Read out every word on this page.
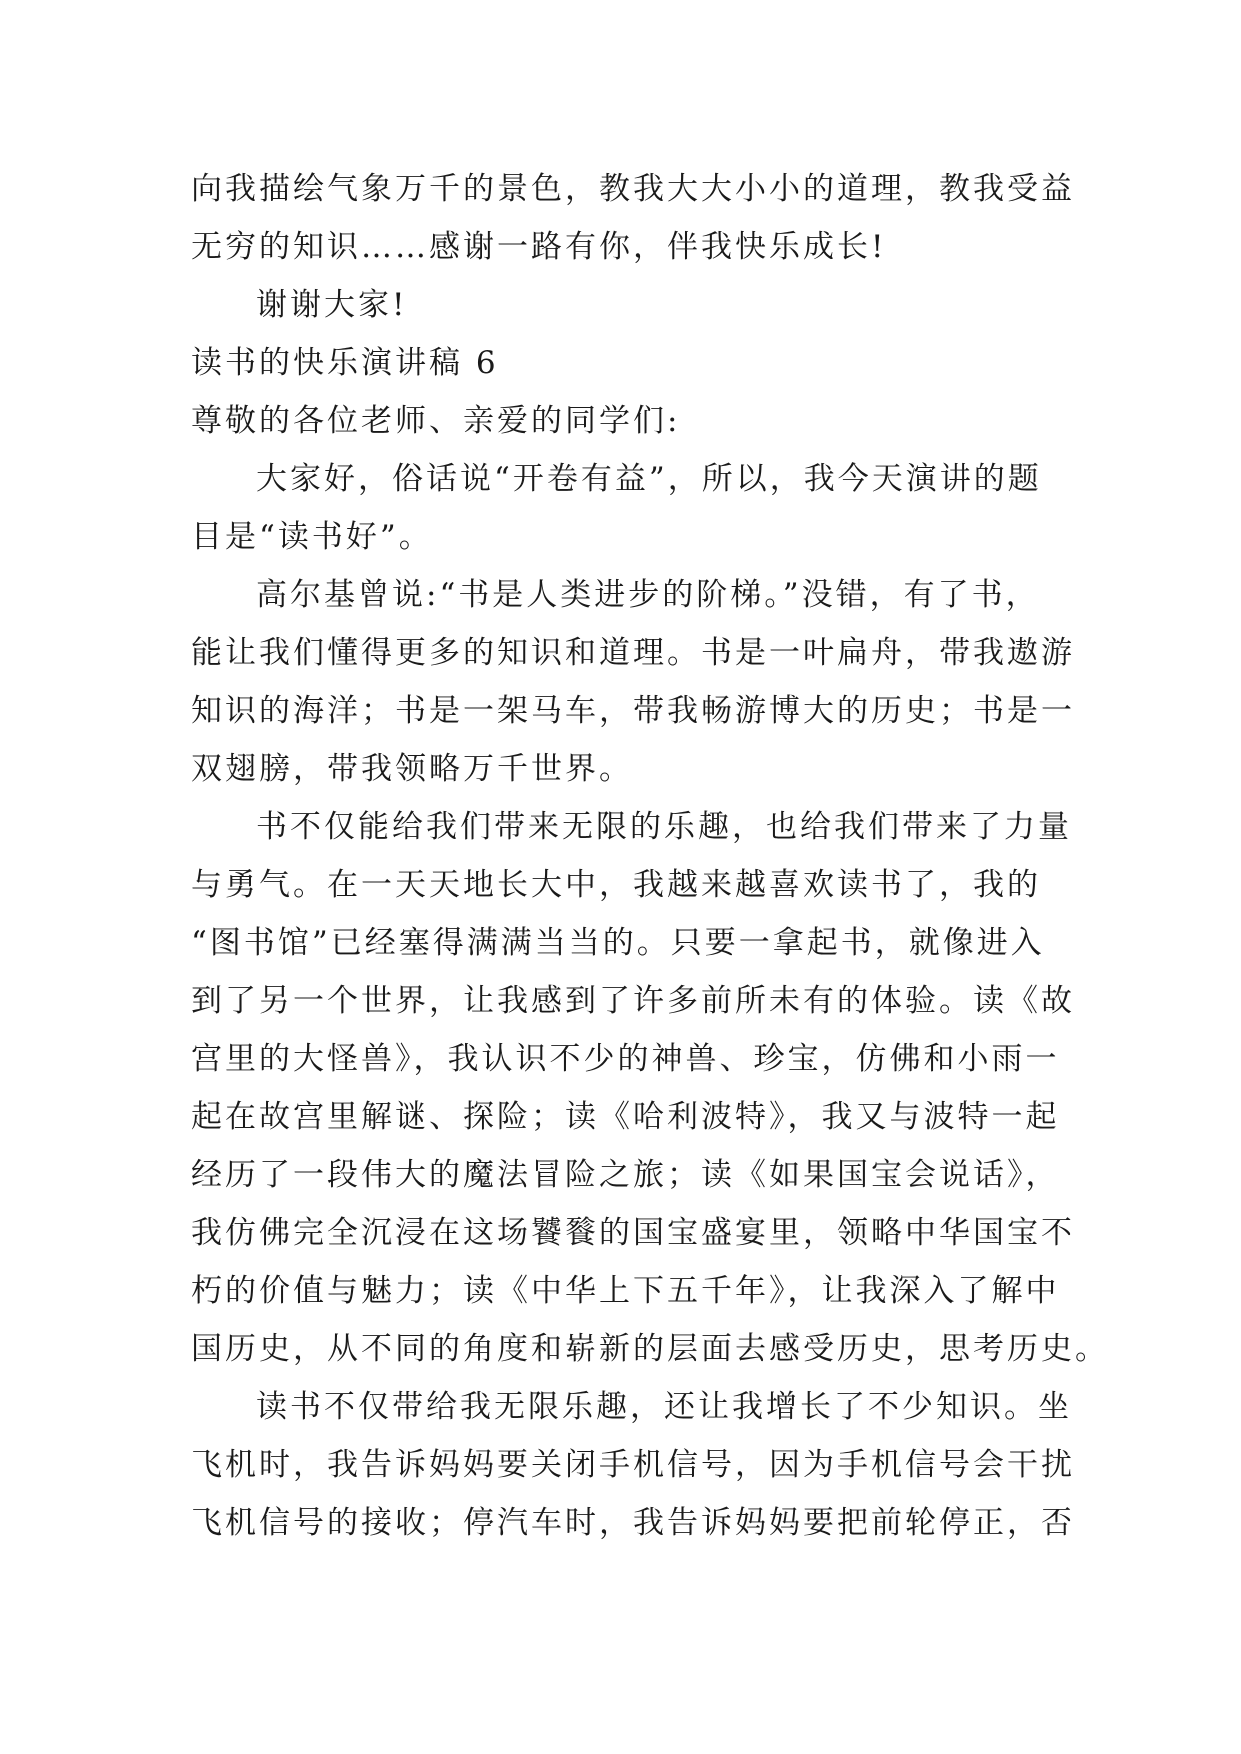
向我描绘气象万千的景色，教我大大小小的道理，教我受益
无穷的知识……感谢一路有你，伴我快乐成长!
谢谢大家!
读书的快乐演讲稿 6
尊敬的各位老师、亲爱的同学们:
大家好，俗话说“开卷有益”，所以，我今天演讲的题
目是“读书好”。
高尔基曾说:“书是人类进步的阶梯。”没错，有了书，
能让我们懂得更多的知识和道理。书是一叶扁舟，带我遨游
知识的海洋；书是一架马车，带我畅游博大的历史；书是一
双翅膀，带我领略万千世界。
书不仅能给我们带来无限的乐趣，也给我们带来了力量
与勇气。在一天天地长大中，我越来越喜欢读书了，我的
“图书馆”已经塞得满满当当的。只要一拿起书，就像进入
到了另一个世界，让我感到了许多前所未有的体验。读《故
宫里的大怪兽》，我认识不少的神兽、珍宝，仿佛和小雨一
起在故宫里解谜、探险；读《哈利波特》，我又与波特一起
经历了一段伟大的魔法冒险之旅；读《如果国宝会说话》，
我仿佛完全沉浸在这场饕餮的国宝盛宴里，领略中华国宝不
朽的价值与魅力；读《中华上下五千年》，让我深入了解中
国历史，从不同的角度和崭新的层面去感受历史，思考历史。
读书不仅带给我无限乐趣，还让我增长了不少知识。坐
飞机时，我告诉妈妈要关闭手机信号，因为手机信号会干扰
飞机信号的接收；停汽车时，我告诉妈妈要把前轮停正，否
